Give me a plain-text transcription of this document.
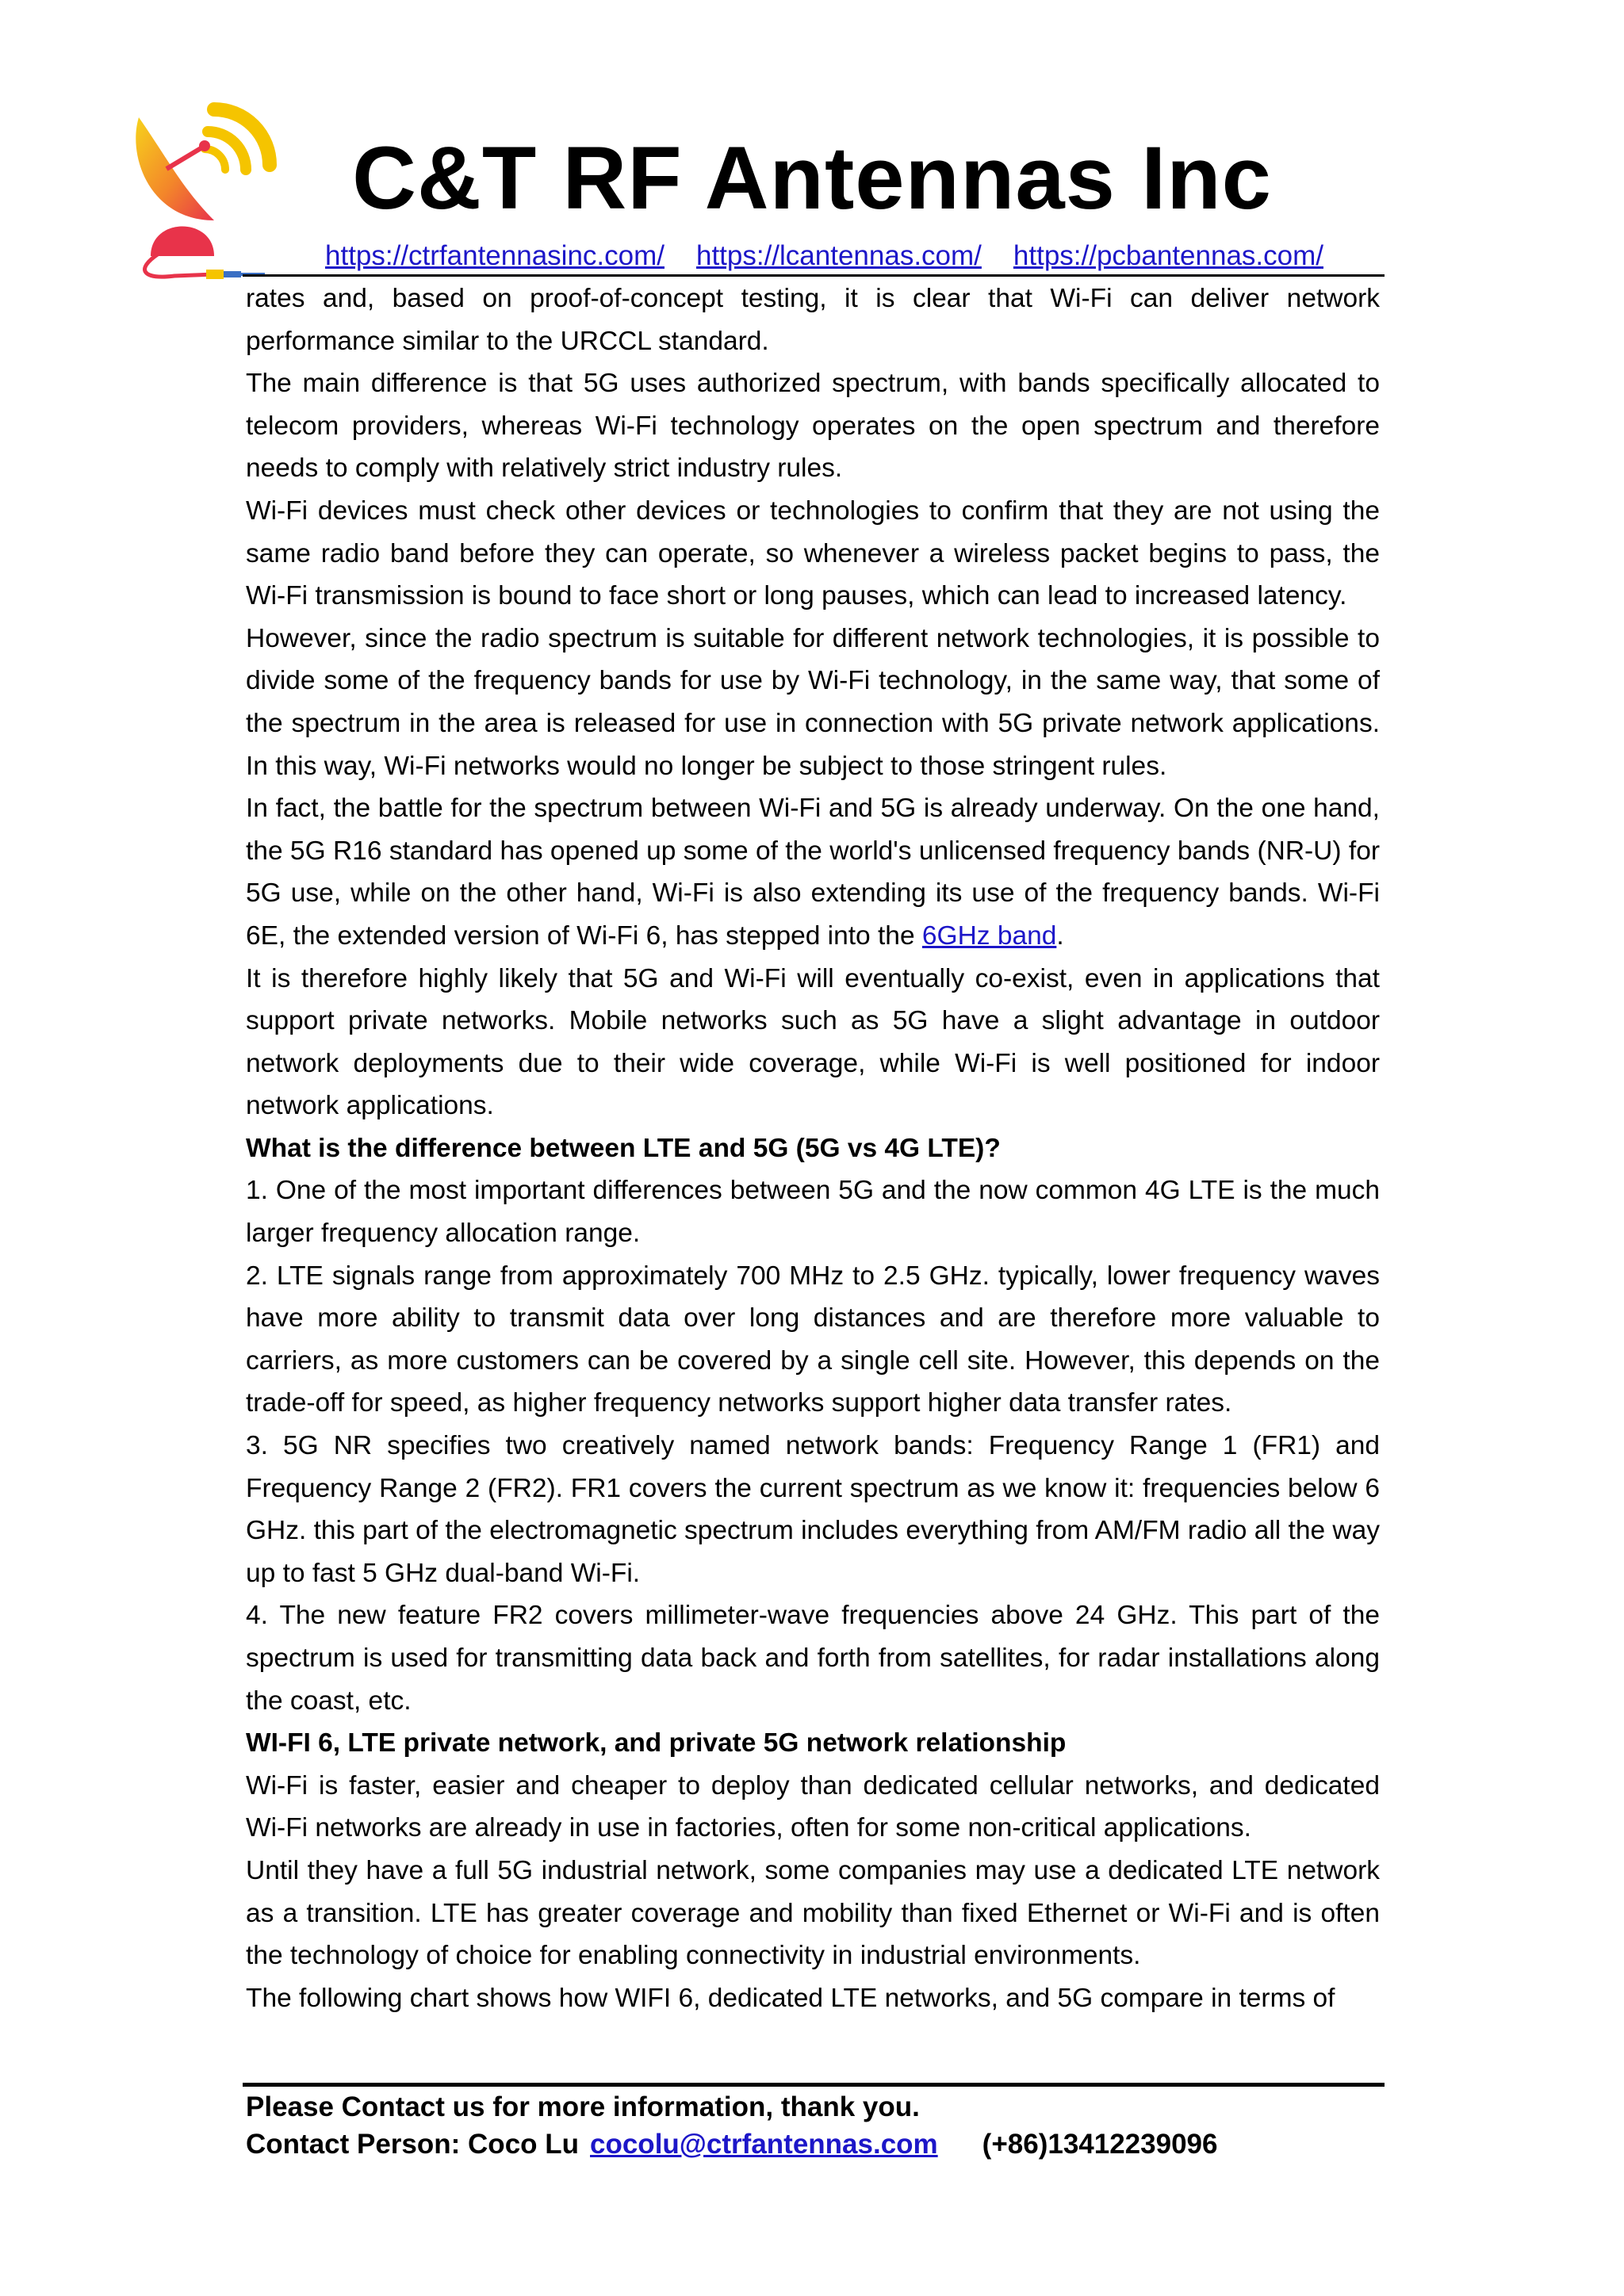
C&T RF Antennas Inc
https://ctrfantennasinc.com/ https://lcantennas.com/ https://pcbantennas.com/

rates and, based on proof-of-concept testing, it is clear that Wi-Fi can deliver network performance similar to the URCCL standard.

The main difference is that 5G uses authorized spectrum, with bands specifically allocated to telecom providers, whereas Wi-Fi technology operates on the open spectrum and therefore needs to comply with relatively strict industry rules.

Wi-Fi devices must check other devices or technologies to confirm that they are not using the same radio band before they can operate, so whenever a wireless packet begins to pass, the Wi-Fi transmission is bound to face short or long pauses, which can lead to increased latency.

However, since the radio spectrum is suitable for different network technologies, it is possible to divide some of the frequency bands for use by Wi-Fi technology, in the same way, that some of the spectrum in the area is released for use in connection with 5G private network applications. In this way, Wi-Fi networks would no longer be subject to those stringent rules.

In fact, the battle for the spectrum between Wi-Fi and 5G is already underway. On the one hand, the 5G R16 standard has opened up some of the world's unlicensed frequency bands (NR-U) for 5G use, while on the other hand, Wi-Fi is also extending its use of the frequency bands. Wi-Fi 6E, the extended version of Wi-Fi 6, has stepped into the 6GHz band.

It is therefore highly likely that 5G and Wi-Fi will eventually co-exist, even in applications that support private networks. Mobile networks such as 5G have a slight advantage in outdoor network deployments due to their wide coverage, while Wi-Fi is well positioned for indoor network applications.

What is the difference between LTE and 5G (5G vs 4G LTE)?

1. One of the most important differences between 5G and the now common 4G LTE is the much larger frequency allocation range.

2. LTE signals range from approximately 700 MHz to 2.5 GHz. typically, lower frequency waves have more ability to transmit data over long distances and are therefore more valuable to carriers, as more customers can be covered by a single cell site. However, this depends on the trade-off for speed, as higher frequency networks support higher data transfer rates.

3. 5G NR specifies two creatively named network bands: Frequency Range 1 (FR1) and Frequency Range 2 (FR2). FR1 covers the current spectrum as we know it: frequencies below 6 GHz. this part of the electromagnetic spectrum includes everything from AM/FM radio all the way up to fast 5 GHz dual-band Wi-Fi.

4. The new feature FR2 covers millimeter-wave frequencies above 24 GHz. This part of the spectrum is used for transmitting data back and forth from satellites, for radar installations along the coast, etc.

WI-FI 6, LTE private network, and private 5G network relationship

Wi-Fi is faster, easier and cheaper to deploy than dedicated cellular networks, and dedicated Wi-Fi networks are already in use in factories, often for some non-critical applications.

Until they have a full 5G industrial network, some companies may use a dedicated LTE network as a transition. LTE has greater coverage and mobility than fixed Ethernet or Wi-Fi and is often the technology of choice for enabling connectivity in industrial environments.

The following chart shows how WIFI 6, dedicated LTE networks, and 5G compare in terms of

Please Contact us for more information, thank you.
Contact Person: Coco Lu cocolu@ctrfantennas.com (+86)13412239096
